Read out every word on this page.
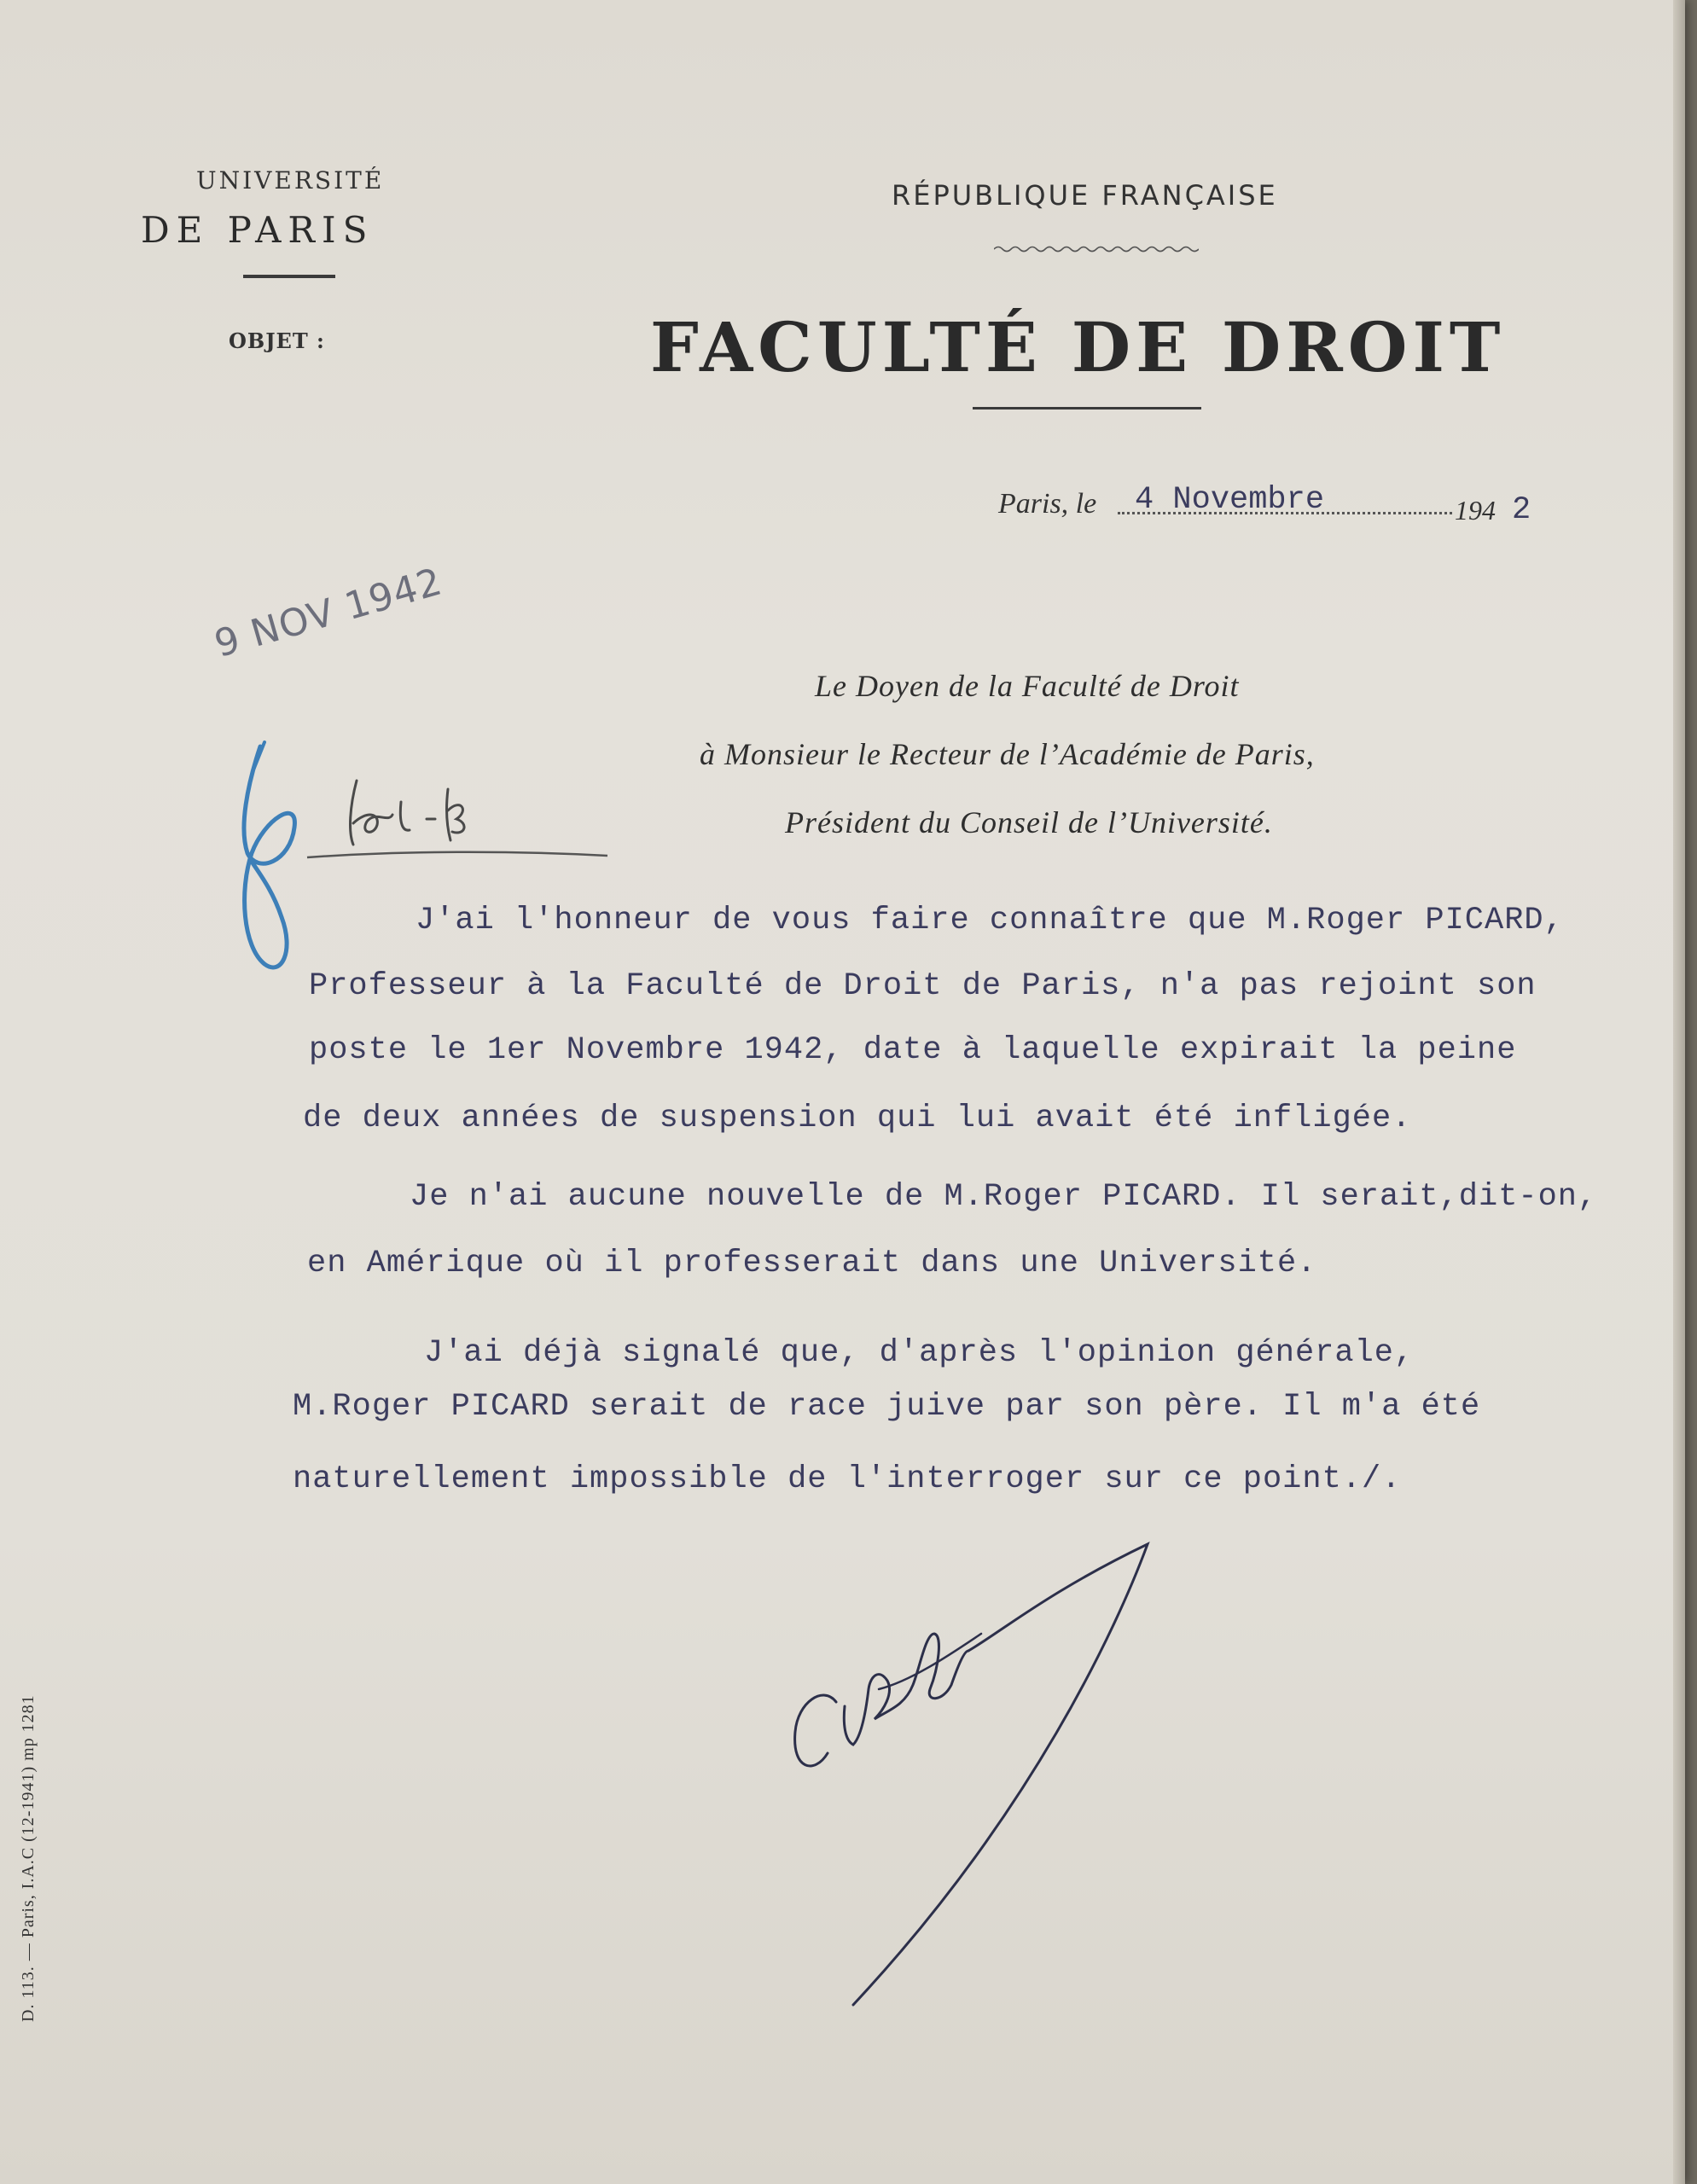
UNIVERSITÉ
DE PARIS
OBJET :
RÉPUBLIQUE FRANÇAISE
FACULTÉ DE DROIT
Paris, le 4 Novembre	194 2
9 NOV 1942
Le Doyen de la Faculté de Droit
à Monsieur le Recteur de l’Académie de Paris,
Président du Conseil de l’Université.
J'ai l'honneur de vous faire connaître que M.Roger PICARD,
Professeur à la Faculté de Droit de Paris, n'a pas rejoint son
poste le 1er Novembre 1942, date à laquelle expirait la peine
de deux années de suspension qui lui avait été infligée.
Je n'ai aucune nouvelle de M.Roger PICARD. Il serait,dit-on,
en Amérique où il professerait dans une Université.
J'ai déjà signalé que, d'après l'opinion générale,
M.Roger PICARD serait de race juive par son père. Il m'a été
naturellement impossible de l'interroger sur ce point./.
D. 113. — Paris, I.A.C (12-1941) mp 1281
